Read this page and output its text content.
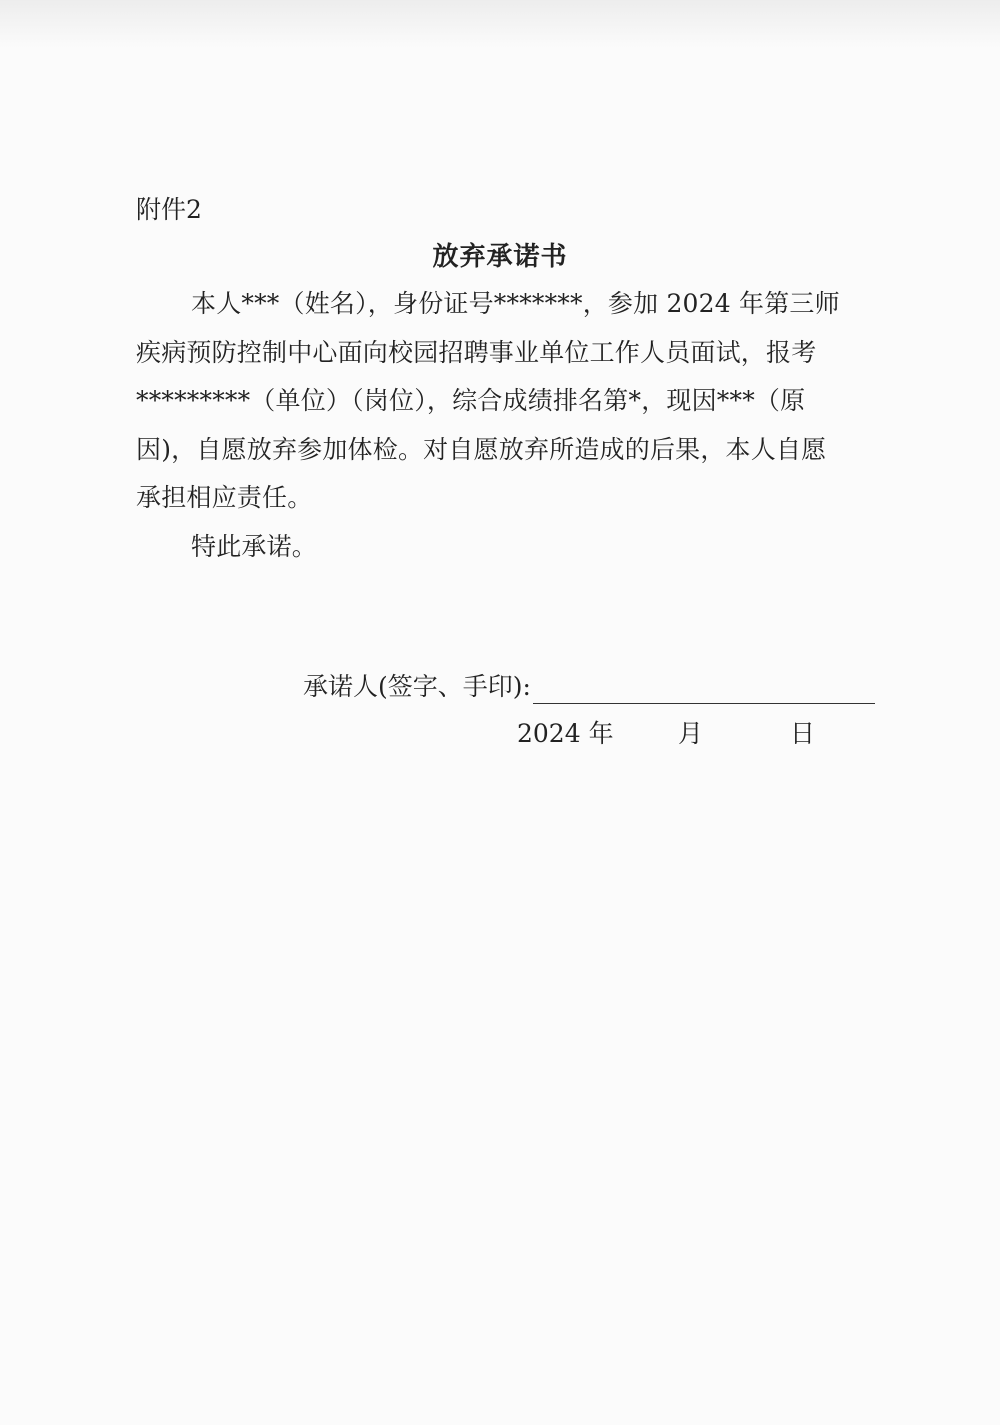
附件2
放弃承诺书
本人***（姓名），身份证号*******，参加 2024 年第三师
疾病预防控制中心面向校园招聘事业单位工作人员面试，报考
*********（单位）（岗位），综合成绩排名第*，现因***（原
因)，自愿放弃参加体检。对自愿放弃所造成的后果，本人自愿
承担相应责任。
特此承诺。
承诺人(签字、手印):
2024 年	月	日
